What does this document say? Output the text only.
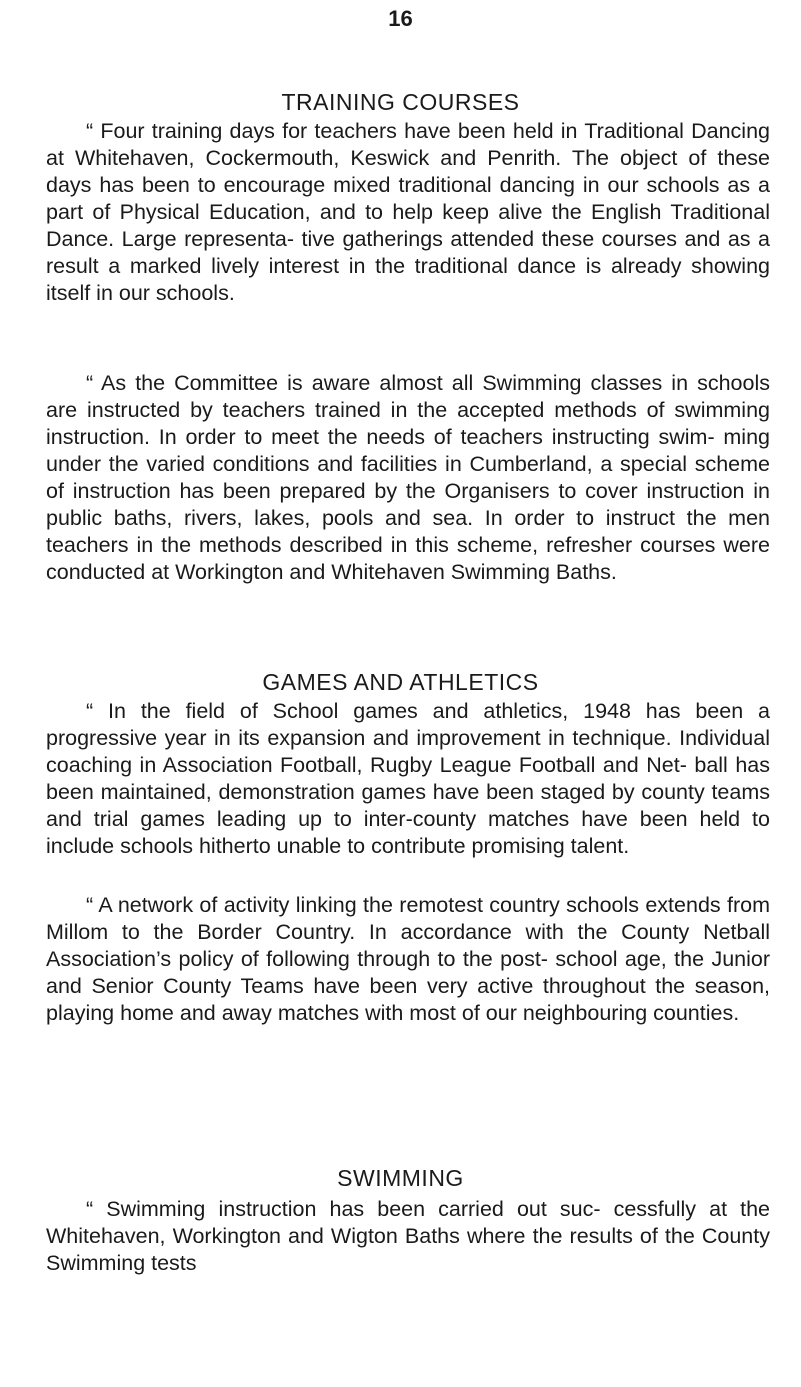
16
TRAINING COURSES
“ Four training days for teachers have been held in Traditional Dancing at Whitehaven, Cockermouth, Keswick and Penrith. The object of these days has been to encourage mixed traditional dancing in our schools as a part of Physical Education, and to help keep alive the English Traditional Dance. Large representa- tive gatherings attended these courses and as a result a marked lively interest in the traditional dance is already showing itself in our schools.
“ As the Committee is aware almost all Swimming classes in schools are instructed by teachers trained in the accepted methods of swimming instruction. In order to meet the needs of teachers instructing swim- ming under the varied conditions and facilities in Cumberland, a special scheme of instruction has been prepared by the Organisers to cover instruction in public baths, rivers, lakes, pools and sea. In order to instruct the men teachers in the methods described in this scheme, refresher courses were conducted at Workington and Whitehaven Swimming Baths.
GAMES AND ATHLETICS
“ In the field of School games and athletics, 1948 has been a progressive year in its expansion and improvement in technique. Individual coaching in Association Football, Rugby League Football and Net- ball has been maintained, demonstration games have been staged by county teams and trial games leading up to inter-county matches have been held to include schools hitherto unable to contribute promising talent.
“ A network of activity linking the remotest country schools extends from Millom to the Border Country. In accordance with the County Netball Association’s policy of following through to the post- school age, the Junior and Senior County Teams have been very active throughout the season, playing home and away matches with most of our neighbouring counties.
SWIMMING
“ Swimming instruction has been carried out suc- cessfully at the Whitehaven, Workington and Wigton Baths where the results of the County Swimming tests
